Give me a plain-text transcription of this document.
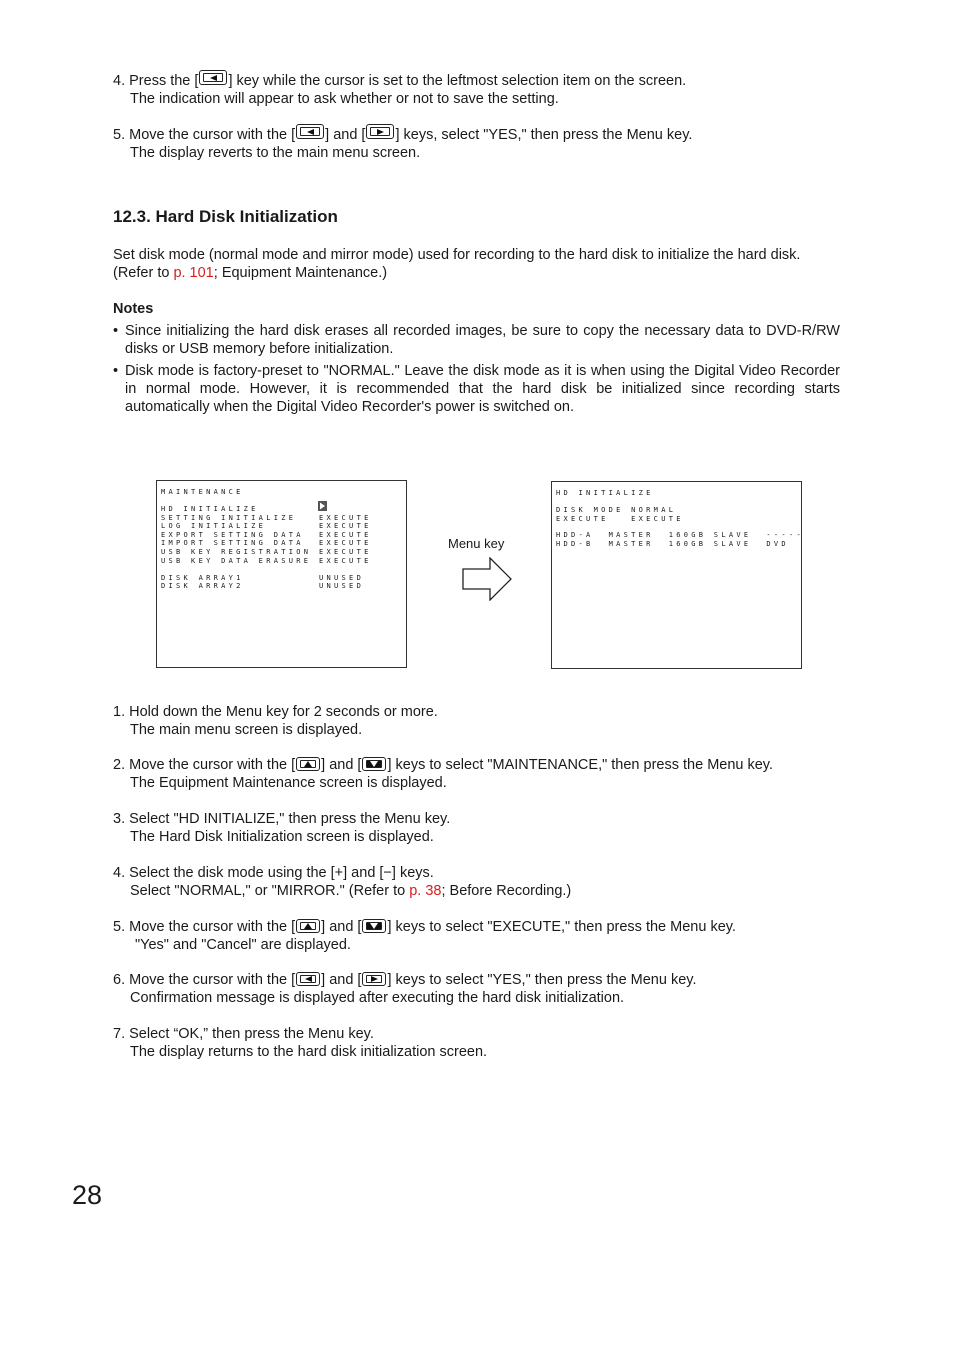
4. Press the [ ] key while the cursor is set to the leftmost selection item on the screen.
The indication will appear to ask whether or not to save the setting.
5. Move the cursor with the [ ] and [ ] keys, select "YES," then press the Menu key.
The display reverts to the main menu screen.
12.3. Hard Disk Initialization
Set disk mode (normal mode and mirror mode) used for recording to the hard disk to initialize the hard disk.
(Refer to p. 101; Equipment Maintenance.)
Notes
• Since initializing the hard disk erases all recorded images, be sure to copy the necessary data to DVD-R/RW disks or USB memory before initialization.
• Disk mode is factory-preset to "NORMAL." Leave the disk mode as it is when using the Digital Video Recorder in normal mode. However, it is recommended that the hard disk be initialized since recording starts automatically when the Digital Video Recorder's power is switched on.
MAINTENANCE
HD INITIALIZE
SETTING INITIALIZE	EXECUTE
LOG INITIALIZE	EXECUTE
EXPORT SETTING DATA EXECUTE
IMPORT SETTING DATA EXECUTE
USB KEY REGISTRATION EXECUTE
USB KEY DATA ERASURE EXECUTE

DISK ARRAY1	UNUSED
DISK ARRAY2	UNUSED
Menu key
HD INITIALIZE
DISK MODE NORMAL
EXECUTE   EXECUTE
HDD-A  MASTER  160GB SLAVE  -----
HDD-B  MASTER  160GB SLAVE  DVD
1. Hold down the Menu key for 2 seconds or more.
The main menu screen is displayed.
2. Move the cursor with the [ ] and [ ] keys to select "MAINTENANCE," then press the Menu key.
The Equipment Maintenance screen is displayed.
3. Select "HD INITIALIZE," then press the Menu key.
The Hard Disk Initialization screen is displayed.
4. Select the disk mode using the [+] and [−] keys.
Select "NORMAL," or "MIRROR." (Refer to p. 38; Before Recording.)
5. Move the cursor with the [ ] and [ ] keys to select "EXECUTE," then press the Menu key.
"Yes" and "Cancel" are displayed.
6. Move the cursor with the [ ] and [ ] keys to select "YES," then press the Menu key.
Confirmation message is displayed after executing the hard disk initialization.
7. Select “OK,” then press the Menu key.
The display returns to the hard disk initialization screen.
28
